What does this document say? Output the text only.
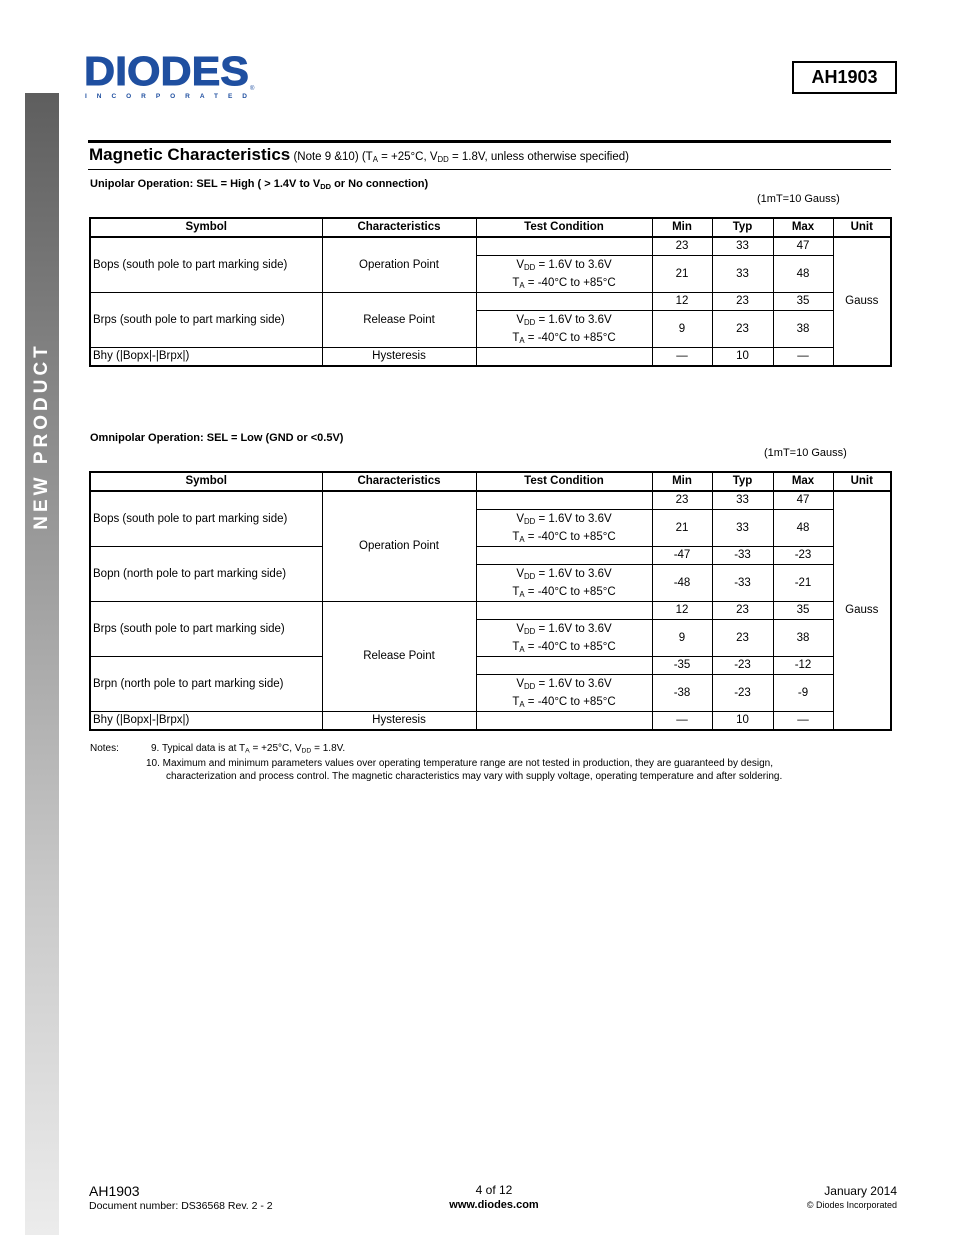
NEW PRODUCT
DIODES ®
INCORPORATED
AH1903
Magnetic Characteristics (Note 9 &10) ($T_A = +25^\circ C$, $V_{DD} = 1.8V$, unless otherwise specified)
Unipolar Operation: SEL = High ( > 1.4V to $V_{DD}$ or No connection)
(1mT=10 Gauss)
Symbol	Characteristics	Test Condition	Min	Typ	Max	Unit
Bops (south pole to part marking side)	Operation Point		23	33	47	Gauss
		$V_{DD} = 1.6V$ to 3.6V
$T_A = -40^\circ C$ to +85°C	21	33	48	
Brps (south pole to part marking side)	Release Point		12	23	35	
		$V_{DD} = 1.6V$ to 3.6V
$T_A = -40^\circ C$ to +85°C	9	23	38	
Bhy (|Bopx|-|Brpx|)	Hysteresis		—	10	—	
Omnipolar Operation: SEL = Low (GND or <0.5V)
(1mT=10 Gauss)
Symbol	Characteristics	Test Condition	Min	Typ	Max	Unit
Bops (south pole to part marking side)	Operation Point		23	33	47	Gauss
		$V_{DD} = 1.6V$ to 3.6V
$T_A = -40^\circ C$ to +85°C	21	33	48	
Bopn (north pole to part marking side)			-47	-33	-23	
		$V_{DD} = 1.6V$ to 3.6V
$T_A = -40^\circ C$ to +85°C	-48	-33	-21	
Brps (south pole to part marking side)	Release Point		12	23	35	
		$V_{DD} = 1.6V$ to 3.6V
$T_A = -40^\circ C$ to +85°C	9	23	38	
Brpn (north pole to part marking side)			-35	-23	-12	
		$V_{DD} = 1.6V$ to 3.6V
$T_A = -40^\circ C$ to +85°C	-38	-23	-9	
Bhy (|Bopx|-|Brpx|)	Hysteresis		—	10	—	
Notes:	9. Typical data is at $T_A = +25^\circ C$, $V_{DD} = 1.8V$.
10. Maximum and minimum parameters values over operating temperature range are not tested in production, they are guaranteed by design,
characterization and process control. The magnetic characteristics may vary with supply voltage, operating temperature and after soldering.
AH1903
Document number: DS36568 Rev. 2 - 2
4 of 12
www.diodes.com
January 2014
© Diodes Incorporated
